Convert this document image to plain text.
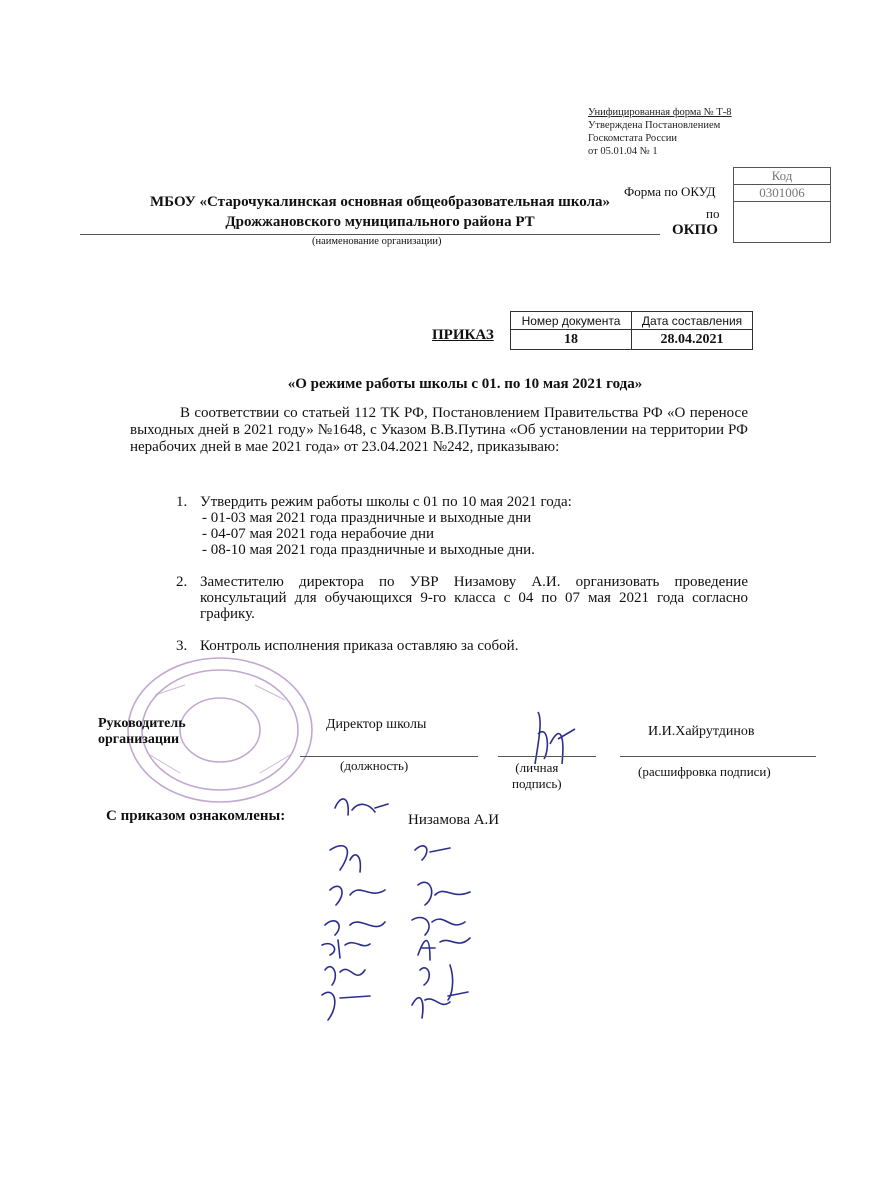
Унифицированная форма № Т-8
Утверждена Постановлением
Госкомстата России
от 05.01.04 № 1
Форма по ОКУД
по
ОКПО
Код
0301006
МБОУ «Старочукалинская основная общеобразовательная школа»
Дрожжановского муниципального района РТ
(наименование организации)
ПРИКАЗ
Номер документа	Дата составления
18	28.04.2021
«О режиме работы школы с 01. по 10 мая 2021 года»
В соответствии со статьей 112 ТК РФ, Постановлением Правительства РФ «О переносе выходных дней в 2021 году» №1648, с Указом В.В.Путина «Об установлении на территории РФ нерабочих дней в мае 2021 года» от 23.04.2021 №242, приказываю:
1. Утвердить режим работы школы с 01 по 10 мая 2021 года:
- 01-03 мая 2021 года праздничные и выходные дни
- 04-07 мая 2021 года нерабочие дни
- 08-10 мая 2021 года праздничные и выходные дни.
2. Заместителю директора по УВР Низамову А.И. организовать проведение консультаций для обучающихся 9-го класса с 04 по 07 мая 2021 года согласно графику.
3. Контроль исполнения приказа оставляю за собой.
Руководитель
организации
Директор школы	И.И.Хайрутдинов
(должность)	(личная
подпись)
(расшифровка подписи)
С приказом ознакомлены:	Низамова А.И
